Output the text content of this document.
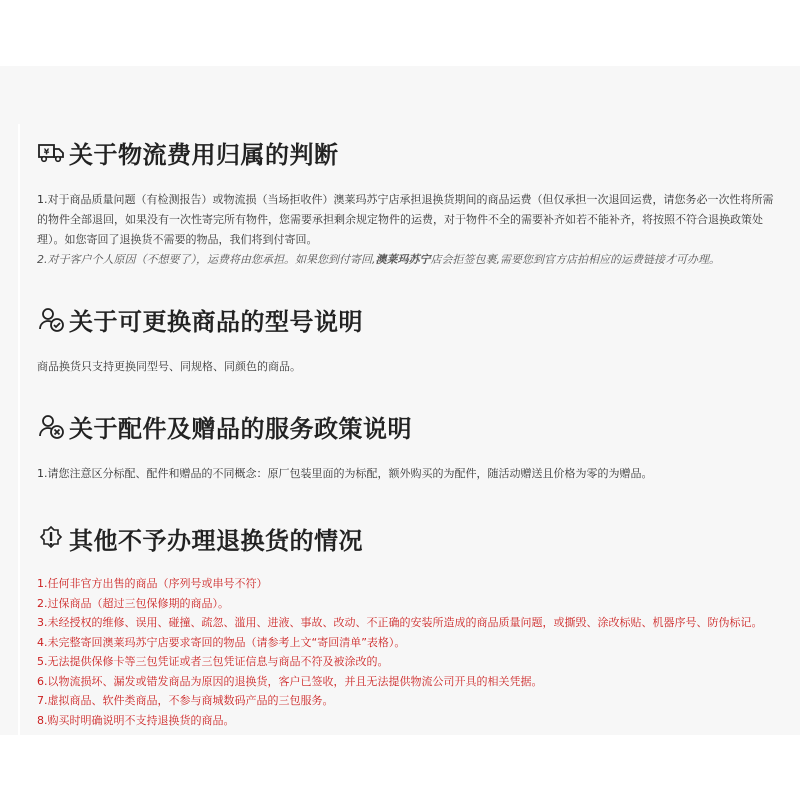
¥ 关于物流费用归属的判断

1.对于商品质量问题（有检测报告）或物流损（当场拒收件）澳莱玛苏宁店承担退换货期间的商品运费（但仅承担一次退回运费，请您务必一次性将所需的物件全部退回，如果没有一次性寄完所有物件，您需要承担剩余规定物件的运费，对于物件不全的需要补齐如若不能补齐，将按照不符合退换政策处理）。如您寄回了退换货不需要的物品，我们将到付寄回。

2.对于客户个人原因（不想要了），运费将由您承担。如果您到付寄回,澳莱玛苏宁店会拒签包裹,需要您到官方店拍相应的运费链接才可办理。

关于可更换商品的型号说明

商品换货只支持更换同型号、同规格、同颜色的商品。

关于配件及赠品的服务政策说明

1.请您注意区分标配、配件和赠品的不同概念：原厂包装里面的为标配，额外购买的为配件，随活动赠送且价格为零的为赠品。

其他不予办理退换货的情况
1.任何非官方出售的商品（序列号或串号不符）
2.过保商品（超过三包保修期的商品）。
3.未经授权的维修、误用、碰撞、疏忽、滥用、进液、事故、改动、不正确的安装所造成的商品质量问题，或撕毁、涂改标贴、机器序号、防伪标记。
4.未完整寄回澳莱玛苏宁店要求寄回的物品（请参考上文“寄回清单”表格）。
5.无法提供保修卡等三包凭证或者三包凭证信息与商品不符及被涂改的。
6.以物流损坏、漏发或错发商品为原因的退换货，客户已签收，并且无法提供物流公司开具的相关凭据。
7.虚拟商品、软件类商品，不参与商城数码产品的三包服务。
8.购买时明确说明不支持退换货的商品。
